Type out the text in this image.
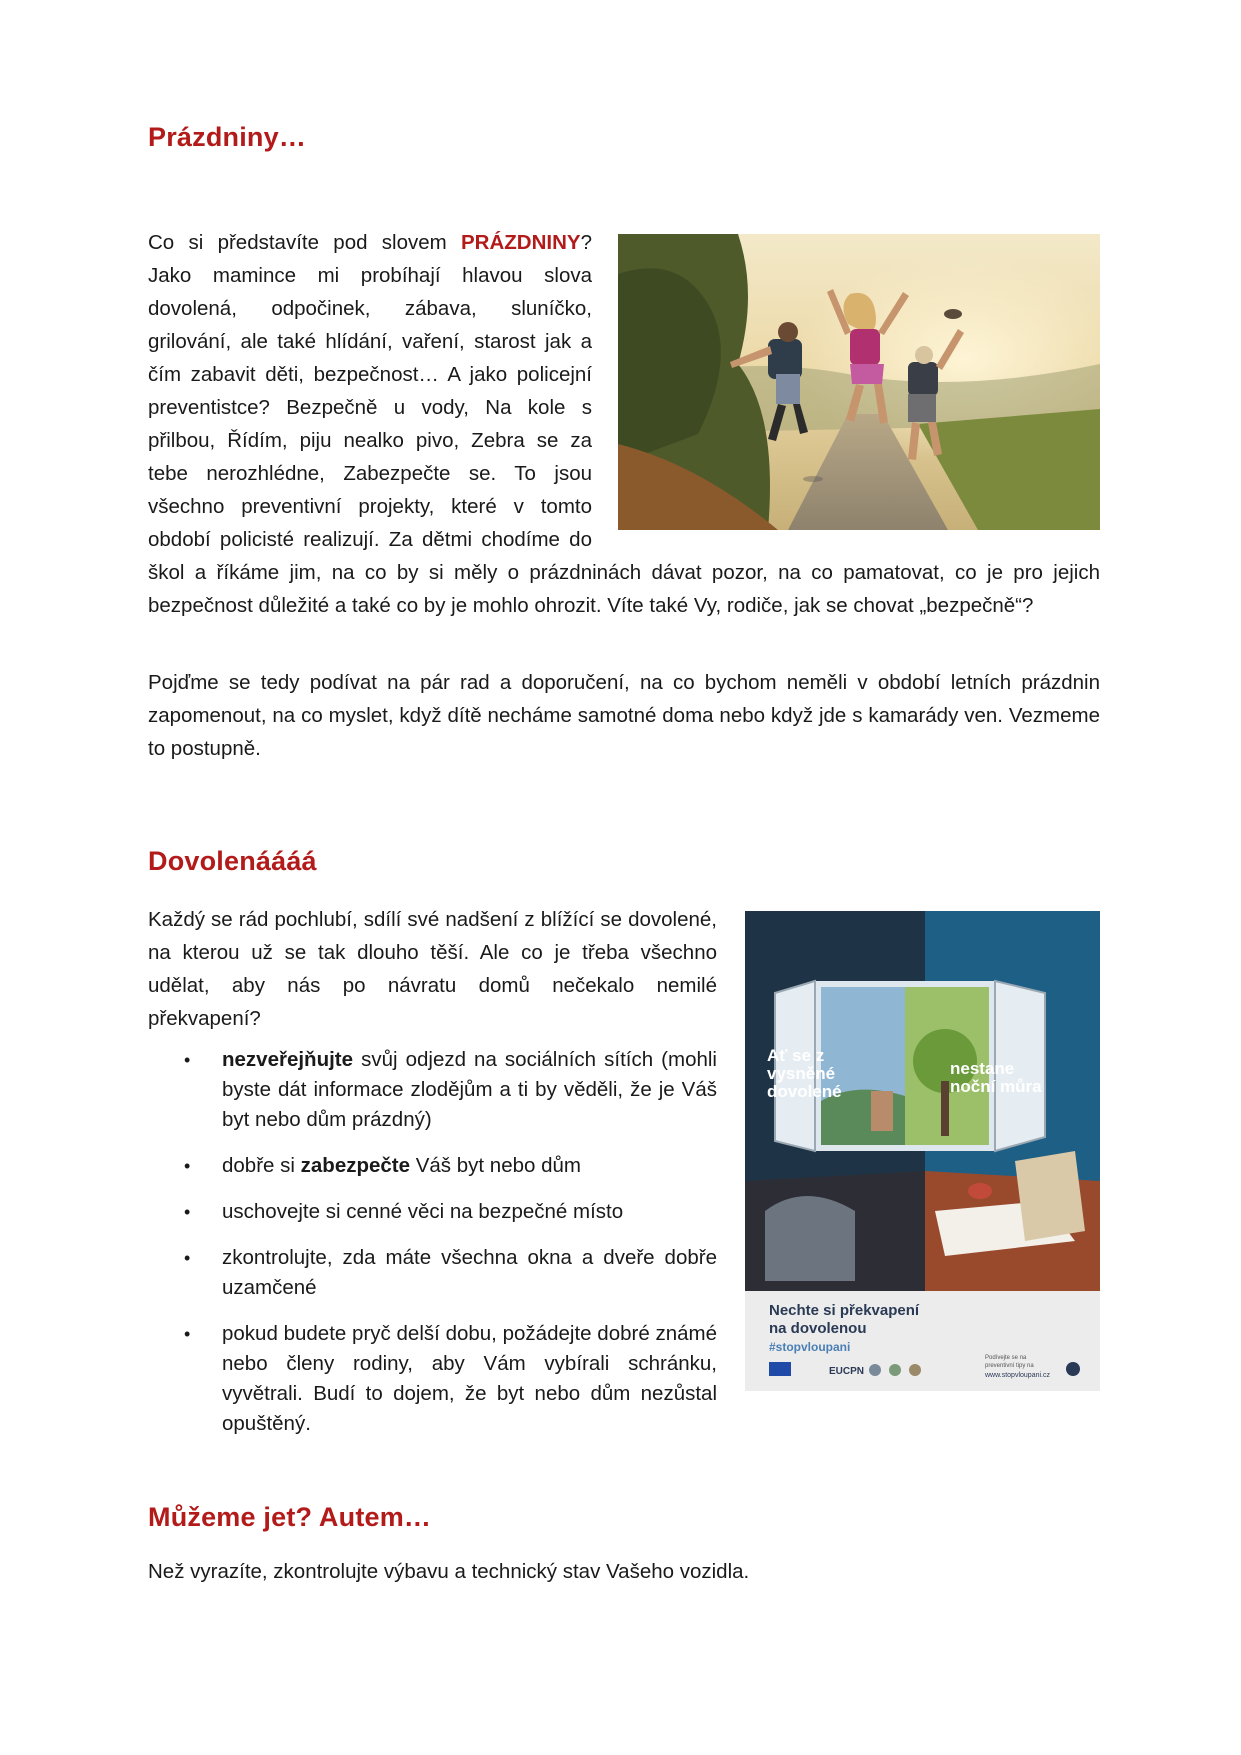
Prázdniny…
Co si představíte pod slovem PRÁZDNINY? Jako mamince mi probíhají hlavou slova dovolená, odpočinek, zábava, sluníčko, grilování, ale také hlídání, vaření, starost jak a čím zabavit děti, bezpečnost… A jako policejní preventistce? Bezpečně u vody, Na kole s přilbou, Řídím, piju nealko pivo, Zebra se za tebe nerozhlédne, Zabezpečte se. To jsou všechno preventivní projekty, které v tomto období policisté realizují. Za dětmi chodíme do škol a říkáme jim, na co by si měly o prázdninách dávat pozor, na co pamatovat, co je pro jejich bezpečnost důležité a také co by je mohlo ohrozit. Víte také Vy, rodiče, jak se chovat „bezpečně“?

Pojďme se tedy podívat na pár rad a doporučení, na co bychom neměli v období letních prázdnin zapomenout, na co myslet, když dítě necháme samotné doma nebo když jde s kamarády ven. Vezmeme to postupně.

Dovolenáááá
Ať se z
vysněné
dovolené
nestane
noční můra
Nechte si překvapení
na dovolenou
#stopvloupani
EUCPN
Podívejte se na
preventivní tipy na
www.stopvloupani.cz
Každý se rád pochlubí, sdílí své nadšení z blížící se dovolené, na kterou už se tak dlouho těší. Ale co je třeba všechno udělat, aby nás po návratu domů nečekalo nemilé překvapení?
• nezveřejňujte svůj odjezd na sociálních sítích (mohli byste dát informace zlodějům a ti by věděli, že je Váš byt nebo dům prázdný)
• dobře si zabezpečte Váš byt nebo dům
• uschovejte si cenné věci na bezpečné místo
• zkontrolujte, zda máte všechna okna a dveře dobře uzamčené
• pokud budete pryč delší dobu, požádejte dobré známé nebo členy rodiny, aby Vám vybírali schránku, vyvětrali. Budí to dojem, že byt nebo dům nezůstal opuštěný.
Můžeme jet? Autem…

Než vyrazíte, zkontrolujte výbavu a technický stav Vašeho vozidla.
